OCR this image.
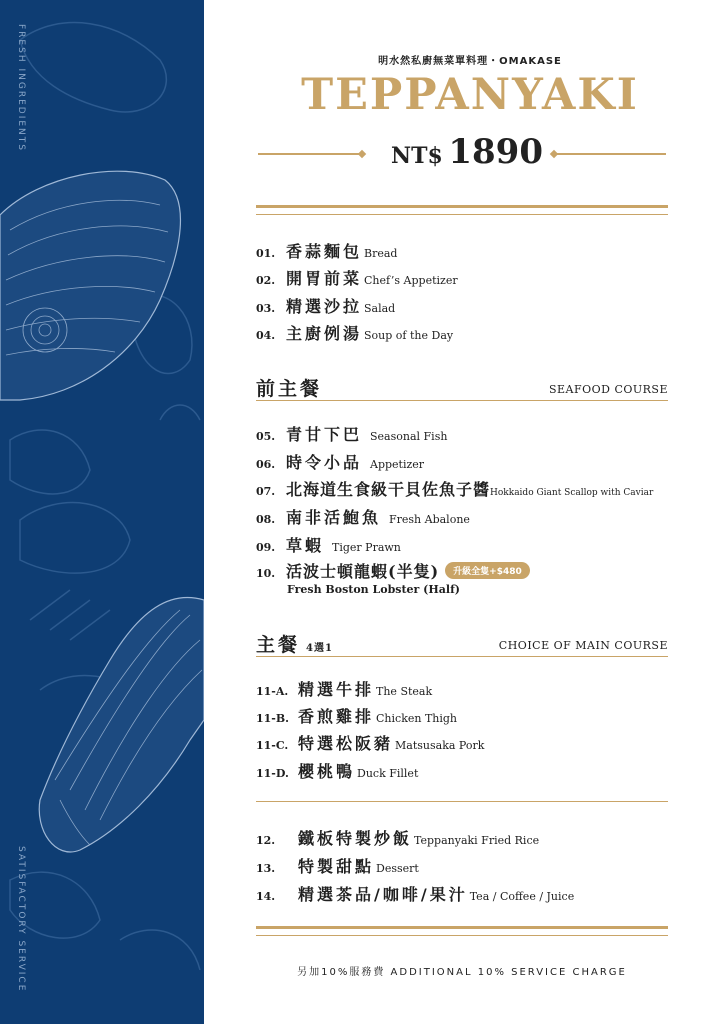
FRESH INGREDIENTS
SATISFACTORY SERVICE
明水然私廚無菜單料理・OMAKASE
TEPPANYAKI
NT$ 1890
01. 香蒜麵包 Bread
02. 開胃前菜 Chef’s Appetizer
03. 精選沙拉 Salad
04. 主廚例湯 Soup of the Day
前主餐	SEAFOOD COURSE
05. 青甘下巴 Seasonal Fish
06. 時令小品 Appetizer
07. 北海道生食級干貝佐魚子醬Hokkaido Giant Scallop with Caviar
08. 南非活鮑魚 Fresh Abalone
09. 草蝦 Tiger Prawn
10. 活波士頓龍蝦(半隻) 升級全隻+$480
Fresh Boston Lobster (Half)
主餐 4選1	CHOICE OF MAIN COURSE
11-A. 精選牛排 The Steak
11-B. 香煎雞排 Chicken Thigh
11-C. 特選松阪豬 Matsusaka Pork
11-D. 櫻桃鴨 Duck Fillet
12. 鐵板特製炒飯 Teppanyaki Fried Rice
13. 特製甜點 Dessert
14. 精選茶品/咖啡/果汁 Tea / Coffee / Juice
另加10%服務費 ADDITIONAL 10% SERVICE CHARGE
